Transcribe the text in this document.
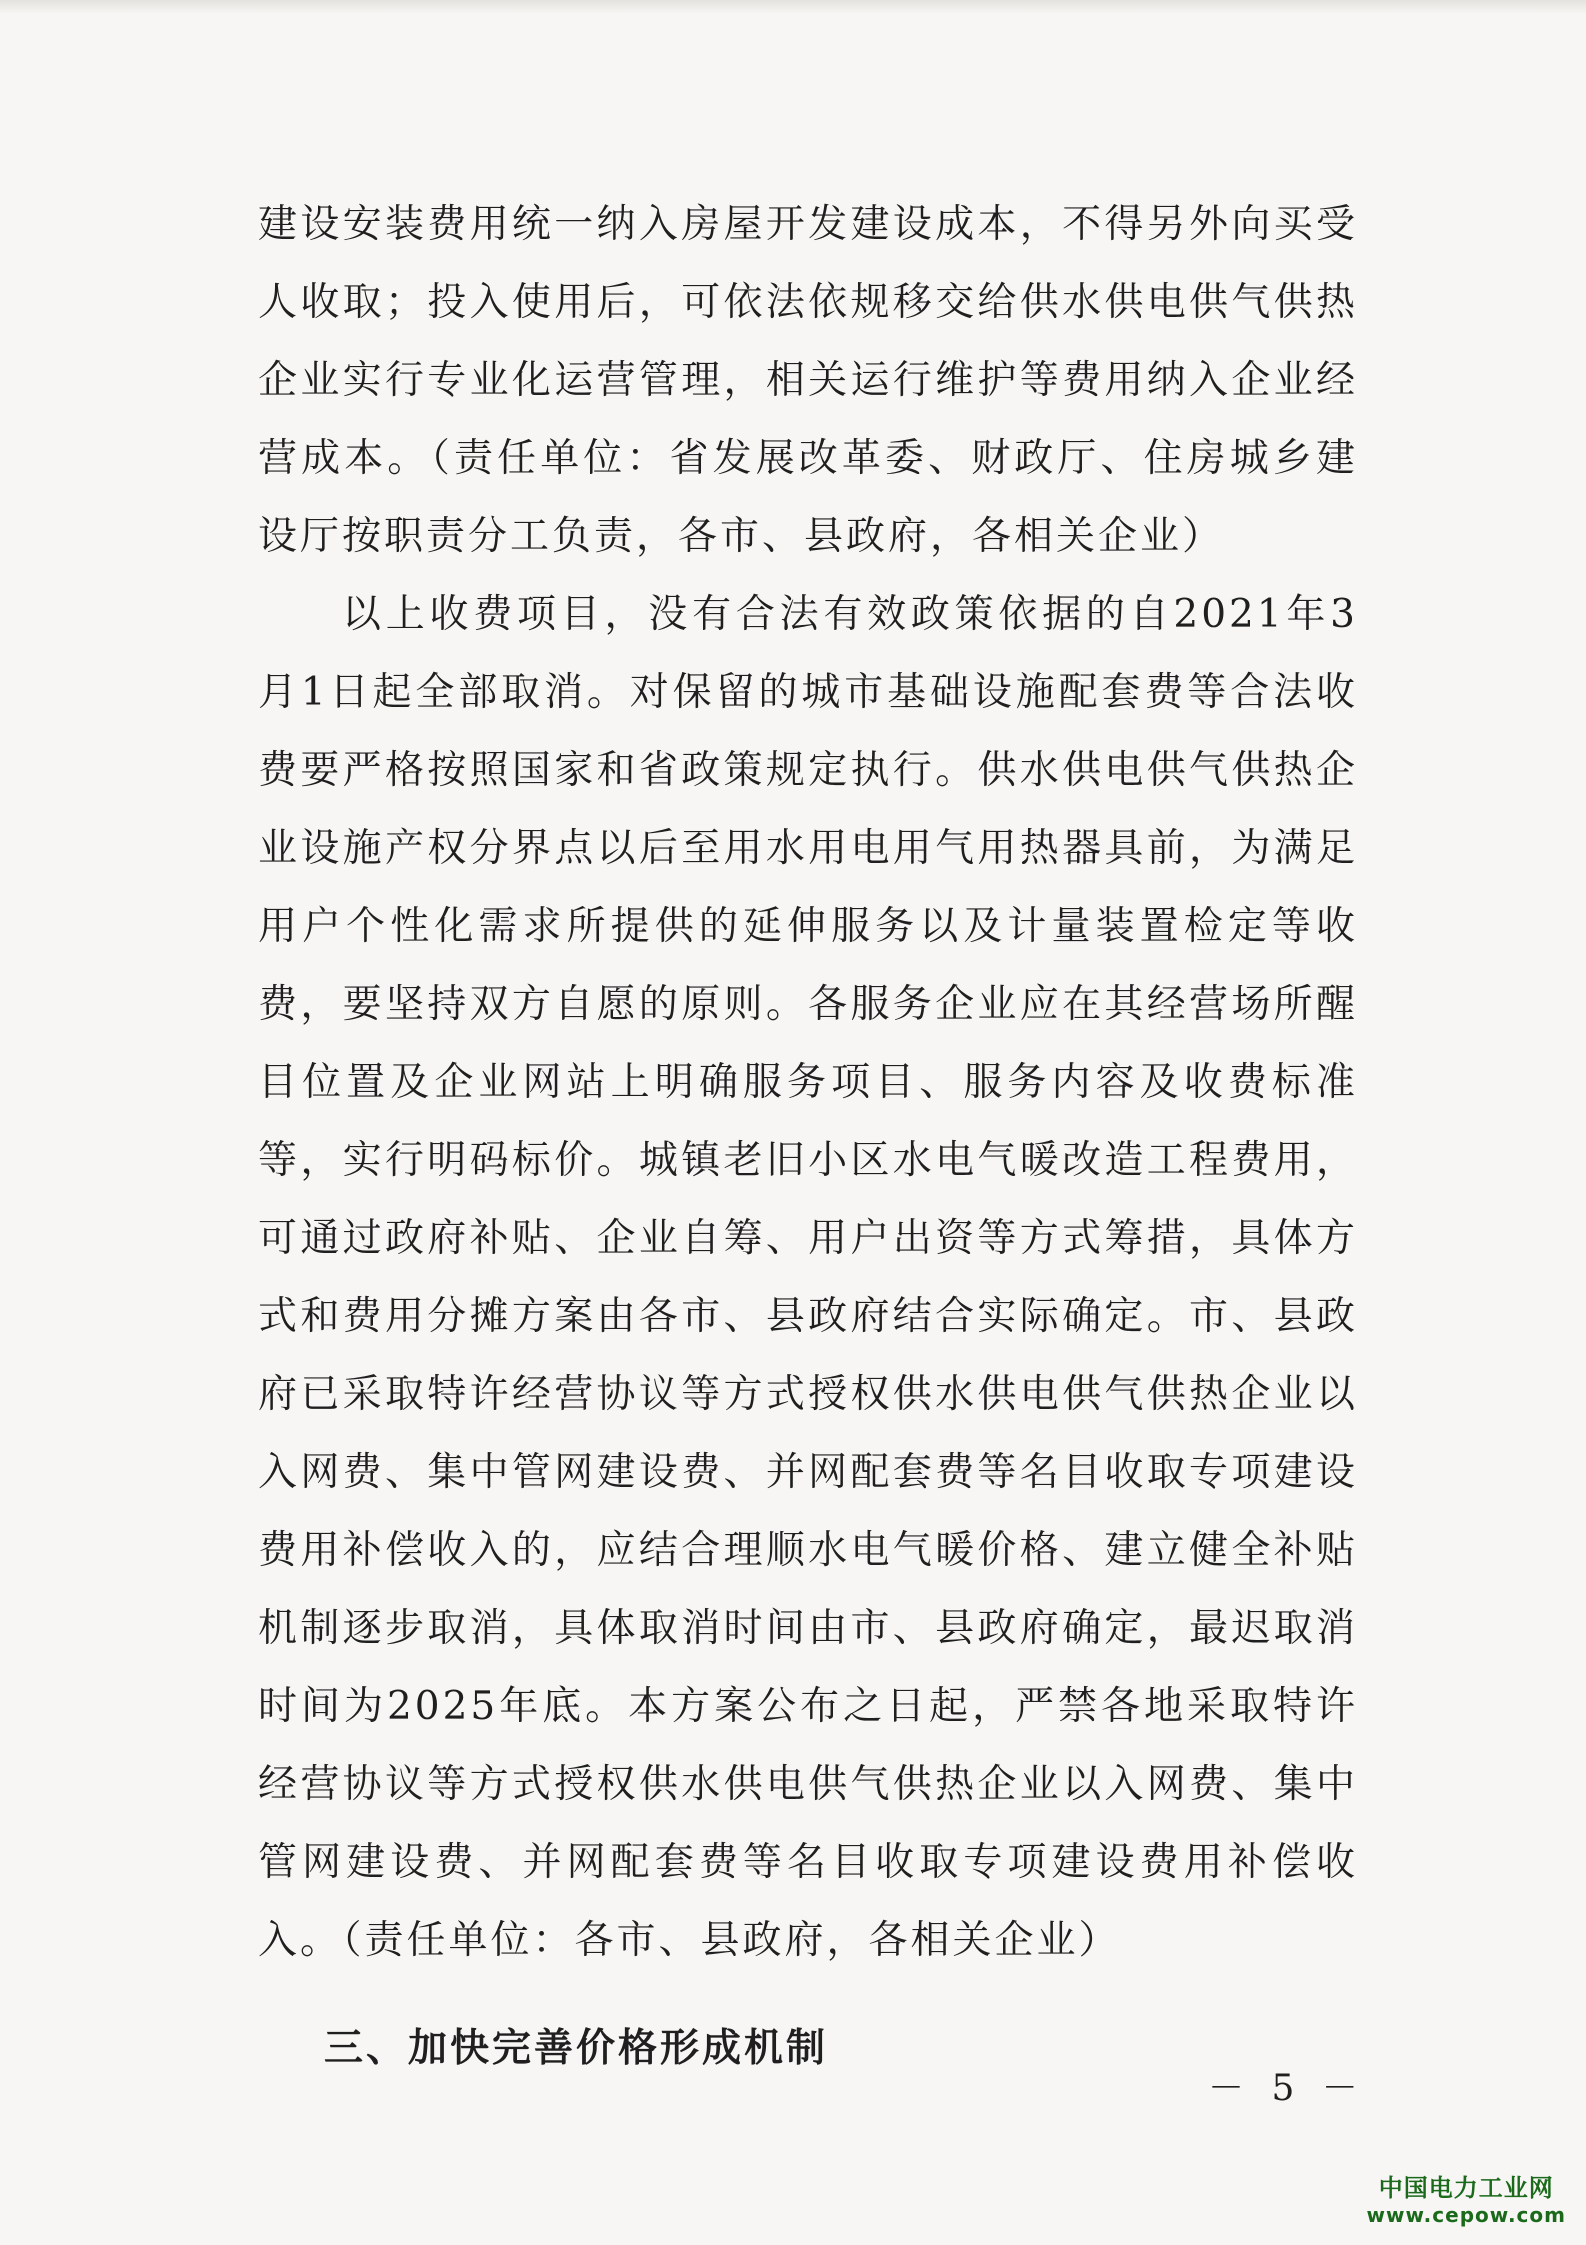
建设安装费用统一纳入房屋开发建设成本，不得另外向买受人收取；投入使用后，可依法依规移交给供水供电供气供热企业实行专业化运营管理，相关运行维护等费用纳入企业经营成本。（责任单位：省发展改革委、财政厅、住房城乡建设厅按职责分工负责，各市、县政府，各相关企业）

以上收费项目，没有合法有效政策依据的自2021年3月1日起全部取消。对保留的城市基础设施配套费等合法收费要严格按照国家和省政策规定执行。供水供电供气供热企业设施产权分界点以后至用水用电用气用热器具前，为满足用户个性化需求所提供的延伸服务以及计量装置检定等收费，要坚持双方自愿的原则。各服务企业应在其经营场所醒目位置及企业网站上明确服务项目、服务内容及收费标准等，实行明码标价。城镇老旧小区水电气暖改造工程费用，可通过政府补贴、企业自筹、用户出资等方式筹措，具体方式和费用分摊方案由各市、县政府结合实际确定。市、县政府已采取特许经营协议等方式授权供水供电供气供热企业以入网费、集中管网建设费、并网配套费等名目收取专项建设费用补偿收入的，应结合理顺水电气暖价格、建立健全补贴机制逐步取消，具体取消时间由市、县政府确定，最迟取消时间为2025年底。本方案公布之日起，严禁各地采取特许经营协议等方式授权供水供电供气供热企业以入网费、集中管网建设费、并网配套费等名目收取专项建设费用补偿收入。（责任单位：各市、县政府，各相关企业）

三、加快完善价格形成机制

－ 5 －
中国电力工业网
www.cepow.com
